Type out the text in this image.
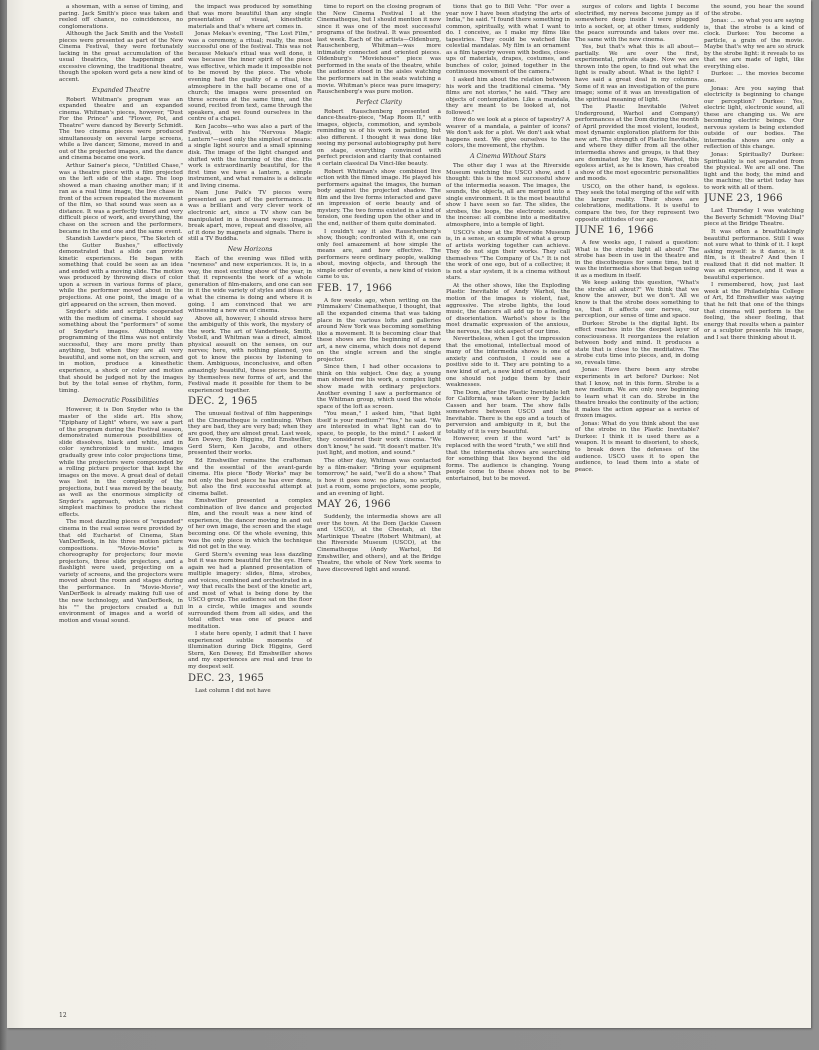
a showman, with a sense of timing, and paring. Jack Smith's piece was taken and reeled off chance, no coincidences, no conglomerations.

Although the Jack Smith and the Vostell pieces were presented as part of the New Cinema Festival, they were fortunately lacking in the great accumulation of the usual theatrics, the happenings and excessive clowning, the traditional theatre, though the spoken word gets a new kind of accent.

Expanded Theatre

Robert Whitman's program was an expanded theatre and an expanded cinema. Whitman's pieces, however, "Dust For the Prince" and "Flower, Pot, and Theatre" were danced by Beverly Schmidt. The two cinema pieces were produced simultaneously on several large screens, while a live dancer, Simone, moved in and out of the projected images, and the dance and cinema became one work.

Arthur Sainer's piece, "Untitled Chase," was a theatre piece with a film projected on the left side of the stage. The loop showed a man chasing another man; if it ran as a real time image, the live chase in front of the screen repeated the movement of the film, so that sound was seen as a distance. It was a perfectly timed and very difficult piece of work, and everything, the chase on the screen and the performers, became in the end one and the same event.

Standish Lawder's piece, "The Sketch of the Gutter Bushes," effectively demonstrated that a slide can provide kinetic experiences. He began with something that could be seen as an idea and ended with a moving slide. The motion was produced by throwing discs of color upon a screen in various forms of place, while the performer moved about in the projections. At one point, the image of a girl appeared on the screen, then moved.

Snyder's slide and scripts cooperated with the medium of cinema. I should say something about the "performers" of some of Snyder's images. Although the programming of the films was not entirely successful, they are more pretty than anything, but when they are all very beautiful, and some not, on the screen, and in motion, produce a kinesthetic experience, a shock or color and motion that should be judged not by the images but by the total sense of rhythm, form, timing.

Democratic Possibilities

However, it is Don Snyder who is the master of the slide art. His show, "Epiphany of Light" where, we saw a part of the program during the Festival season, demonstrated numerous possibilities of slide dissolves, black and white, and in color synchronized to music. Images gradually grew into color projections time, while the projectors were compounded by a rolling picture projector that kept the images on the move. A great deal of detail was lost in the complexity of the projections, but I was moved by the beauty, as well as the enormous simplicity of Snyder's approach, which uses the simplest machines to produce the richest effects.

The most dazzling pieces of "expanded" cinema in the real sense were provided by that old Eucharist of Cinema, Stan VanDerBeek, in his three motion picture compositions. "Movie-Movie" is choreography for projectors; four movie projectors, three slide projectors, and a flashlight were used, projecting on a variety of screens, and the projectors were moved about the room and stages during the performance. In "Movie-Movie", VanDerBeek is already making full use of the new technology, and VanDerBeek, in his "" the projectors created a full environment of images and a world of motion and visual sound.

the impact was produced by something that was more beautiful than any single presentation of visual, kinesthetic materials and that's where art comes in.

Jonas Mekas's evening, "The Lost Film," was a ceremony, a ritual; really, the most successful one of the festival. This was not because Mekas's ritual was well done, it was because the inner spirit of the piece was effective, which made it impossible not to be moved by the piece. The whole evening had the quality of a ritual, the atmosphere in the hall became one of a church; the images were presented on three screens at the same time, and the sound, recited from text, came through the speakers, and we found ourselves in the centre of a chapel.

Ken Jacobs—who was also a part of the Festival, with his "Nervous Magic Lantern"—used only the simplest of means: a single light source and a small spinning disk. The image of the light changed and shifted with the turning of the disc. His work is extraordinarily beautiful, for the first time we have a lantern, a simple instrument, and what remains is a delicate and living cinema.

Nam June Paik's TV pieces were presented as part of the performance. It was a brilliant and very clever work of electronic art, since a TV show can be manipulated in a thousand ways: images break apart, move, repeat and dissolve, all of it done by magnets and signals. There is still a TV Buddha.

New Horizons

Each of the evening was filled with "newness" and new experiences. It is, in a way, the most exciting show of the year, in that it represents the work of a whole generation of film-makers, and one can see in it the wide variety of styles and ideas on what the cinema is doing and where it is going. I am convinced that we are witnessing a new era of cinema.

Above all, however, I should stress here the ambiguity of this work, the mystery of the work. The art of Vanderbeek, Smith, Vostell, and Whitman was a direct, almost physical assault on the senses, on our nerves; here, with nothing planned, you got to know the pieces by listening to them. Ambiguous, inconclusive, and often amazingly beautiful, these pieces become by themselves new forms of art, and the Festival made it possible for them to be experienced together.

DEC. 2, 1965

The unusual festival of film happenings at the Cinematheque is continuing. When they are bad, they are very bad; when they are good, they are almost great. Last week, Ken Dewey, Bob Higgins, Ed Emshwiller, Gerd Stern, Ken Jacobs, and others presented their works.

Ed Emshwiller remains the craftsman and the essential of the avant-garde cinema. His piece "Body Works" may be not only the best piece he has ever done, but also the first successful attempt at cinema ballet.

Emshwiller presented a complex combination of live dance and projected film, and the result was a new kind of experience, the dancer moving in and out of her own image, the screen and the stage becoming one. Of the whole evening, this was the only piece in which the technique did not get in the way.

Gerd Stern's evening was less dazzling but it was more beautiful for the eye. Here again we had a planned presentation of multiple imagery: slides, films, strobes, and voices, combined and orchestrated in a way that recalls the best of the kinetic art, and most of what is being done by the USCO group. The audience sat on the floor in a circle, while images and sounds surrounded them from all sides, and the total effect was one of peace and meditation.

I state here openly, I admit that I have experienced subtle moments of illumination during Dick Higgins, Gerd Stern, Ken Dewey, Ed Emshwiller shows and my experiences are real and true to my deepest self.

DEC. 23, 1965

Last column I did not have

time to report on the closing program of the New Cinema Festival I at the Cinematheque, but I should mention it now since it was one of the most successful programs of the festival. It was presented last week. Each of the artists—Oldenburg, Rauschenberg, Whitman—was more intimately connected and oriented pieces. Oldenburg's "Moviehouse" piece was performed in the seats of the theatre, while the audience stood in the aisles watching the performers sat in the seats watching a movie. Whitman's piece was pure imagery; Rauschenberg's was pure motion.

Perfect Clarity

Robert Rauschenberg presented a dance-theatre-piece, "Map Room II," with images, objects, commotion, and symbols reminding us of his work in painting, but also different. I thought it was done like seeing my personal autobiography put here on stage, everything convinced with perfect precision and clarity that contained a certain classical Da Vinci-like beauty.

Robert Whitman's show combined live action with the filmed image. He played his performers against the images, the human body against the projected shadow. The film and the live forms interacted and gave an impression of eerie beauty and of mystery. The two forms existed in a kind of tension, one feeding upon the other and in the end, neither of them quite dominated.

I couldn't say it also Rauschenberg's show, though; confronted with it, one can only feel amazement at how simple the means are, and how effective. The performers were ordinary people, walking about, moving objects, and through the simple order of events, a new kind of vision came to us.

FEB. 17, 1966

A few weeks ago, when writing on the Filmmakers' Cinematheque, I thought, that all the expanded cinema that was taking place in the various lofts and galleries around New York was becoming something like a movement. It is becoming clear that these shows are the beginning of a new art, a new cinema, which does not depend on the single screen and the single projector.

Since then, I had other occasions to think on this subject. One day, a young man showed me his work, a complex light show made with ordinary projectors. Another evening I saw a performance of the Whitman group, which used the whole space of the loft as screen.

"You mean," I asked him, "that light itself is your medium?" "Yes," he said. "We are interested in what light can do to space, to people, to the mind." I asked if they considered their work cinema. "We don't know," he said. "It doesn't matter. It's just light, and motion, and sound."

The other day, Whitman was contacted by a film-maker: "Bring your equipment tomorrow," he said, "we'll do a show." That is how it goes now: no plans, no scripts, just a room, some projectors, some people, and an evening of light.

MAY 26, 1966

Suddenly, the intermedia shows are all over the town. At the Dom (Jackie Cassen and USCO), at the Cheetah, at the Martinique Theatre (Robert Whitman), at the Riverside Museum (USCO), at the Cinematheque (Andy Warhol, Ed Emshwiller, and others), and at the Bridge Theatre, the whole of New York seems to have discovered light and sound.

tions that go to Bill Vehr. "For over a year now I have been studying the arts of India," he said. "I found there something in common, spiritually, with what I want to do. I conceive, as I make my films like tapestries. They could be watched like celestial mandalas. My film is an ornament as a film tapestry woven with bodies, close-ups of materials, drapes, costumes, and bunches of color, joined together in the continuous movement of the camera."

I asked him about the relation between his work and the traditional cinema. "My films are not stories," he said. "They are objects of contemplation. Like a mandala, they are meant to be looked at, not followed."

How do we look at a piece of tapestry? A weaver of a mandala, a painter of icons? We don't ask for a plot. We don't ask what happens next. We give ourselves to the colors, the movement, the rhythm.

A Cinema Without Stars

The other day I was at the Riverside Museum watching the USCO show, and I thought: this is the most successful show of the intermedia season. The images, the sounds, the objects, all are merged into a single environment. It is the most beautiful show I have seen so far. The slides, the strobes, the loops, the electronic sounds, the incense: all combine into a meditative atmosphere, into a temple of light.

USCO's show at the Riverside Museum is, in a sense, an example of what a group of artists working together can achieve. They do not sign their works. They call themselves "The Company of Us." It is not the work of one ego, but of a collective; it is not a star system, it is a cinema without stars.

At the other shows, like the Exploding Plastic Inevitable of Andy Warhol, the motion of the images is violent, fast, aggressive. The strobe lights, the loud music, the dancers all add up to a feeling of disorientation. Warhol's show is the most dramatic expression of the anxious, the nervous, the sick aspect of our time.

Nevertheless, when I got the impression that the emotional, intellectual mood of many of the intermedia shows is one of anxiety and confusion, I could see a positive side to it. They are pointing to a new kind of art, a new kind of emotion, and one should not judge them by their weaknesses.

The Dom, after the Plastic Inevitable left for California, was taken over by Jackie Cassen and her team. The show falls somewhere between USCO and the Inevitable. There is the ego and a touch of perversion and ambiguity in it, but the totality of it is very beautiful.

However, even if the word "art" is replaced with the word "truth," we still find that the intermedia shows are searching for something that lies beyond the old forms. The audience is changing. Young people come to these shows not to be entertained, but to be moved.

surges of colors and lights I become electrified, my nerves become jumpy as if somewhere deep inside I were plugged into a socket, or, at other times, suddenly the peace surrounds and takes over me. The same with the new cinema.

Yes, but that's what this is all about—partially. We are over the first, experimental, private stage. Now we are thrown into the open, to find out what the light is really about. What is the light? I have said a great deal in my columns. Some of it was an investigation of the pure image; some of it was an investigation of the spiritual meaning of light.

The Plastic Inevitable (Velvet Underground, Warhol and Company) performances at the Dom during the month of April provided the most violent, loudest, most dynamic exploration platform for this new art. The strength of Plastic Inevitable, and where they differ from all the other intermedia shows and groups, is that they are dominated by the Ego. Warhol, this egoless artist, as he is known, has created a show of the most egocentric personalities and moods.

USCO, on the other hand, is egoless. They seek the total merging of the self with the larger reality. Their shows are celebrations, meditations. It is useful to compare the two, for they represent two opposite attitudes of our age.

JUNE 16, 1966

A few weeks ago, I raised a question: What is the strobe light all about? The strobe has been in use in the theatre and in the discotheques for some time, but it was the intermedia shows that began using it as a medium in itself.

We keep asking this question, "What's the strobe all about?" We think that we know the answer, but we don't. All we know is that the strobe does something to us, that it affects our nerves, our perception, our sense of time and space.

Durkee: Strobe is the digital light. Its effect reaches into the deepest layer of consciousness. It reorganizes the relation between body and mind. It produces a state that is close to the meditative. The strobe cuts time into pieces, and, in doing so, reveals time.

Jonas: Have there been any strobe experiments in art before? Durkee: Not that I know, not in this form. Strobe is a new medium. We are only now beginning to learn what it can do. Strobe in the theatre breaks the continuity of the action; it makes the action appear as a series of frozen images.

Jonas: What do you think about the use of the strobe in the Plastic Inevitable? Durkee: I think it is used there as a weapon. It is meant to disorient, to shock, to break down the defenses of the audience. USCO uses it to open the audience, to lead them into a state of peace.

the sound, you hear the sound of the strobe.

Jonas: ... so what you are saying is, that the strobe is a kind of clock. Durkee: You become a particle, a grain of the movie. Maybe that's why we are so struck by the strobe light: it reveals to us that we are made of light, like everything else.

Durkee: ... the movies become one.

Jonas: Are you saying that electricity is beginning to change our perception? Durkee: Yes, electric light, electronic sound, all these are changing us. We are becoming electric beings. Our nervous system is being extended outside of our bodies. The intermedia shows are only a reflection of this change.

Jonas: Spiritually? Durkee: Spirituality is not separated from the physical. We are all one. The light and the body, the mind and the machine; the artist today has to work with all of them.

JUNE 23, 1966

Last Thursday I was watching the Beverly Schmidt "Moving Dial" piece at the Bridge Theatre.

It was often a breathtakingly beautiful performance. Still I was not sure what to think of it. I kept asking myself: is it dance, is it film, is it theatre? And then I realized that it did not matter. It was an experience, and it was a beautiful experience.

I remembered, how, just last week at the Philadelphia College of Art, Ed Emshwiller was saying that he felt that one of the things that cinema will perform is the feeling, the sheer feeling, that energy that results when a painter or a sculptor presents his image, and I sat there thinking about it.

12
